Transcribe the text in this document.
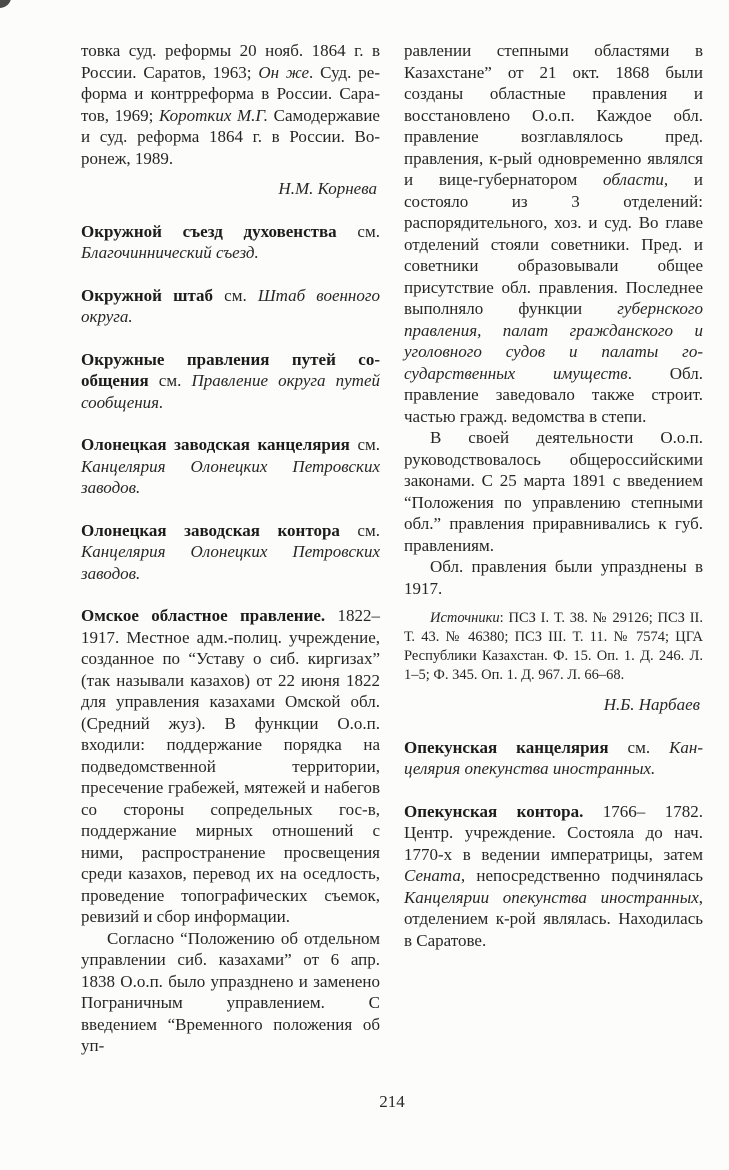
товка суд. реформы 20 нояб. 1864 г. в России. Саратов, 1963; Он же. Суд. реформа и контрреформа в России. Саратов, 1969; Коротких М.Г. Самодержавие и суд. реформа 1864 г. в России. Воронеж, 1989.

Н.М. Корнева

Окружной съезд духовенства см. Благочиннический съезд.

Окружной штаб см. Штаб военного округа.

Окружные правления путей сообщения см. Правление округа путей сообщения.

Олонецкая заводская канцелярия см. Канцелярия Олонецких Петровских заводов.

Олонецкая заводская контора см. Канцелярия Олонецких Петровских заводов.

Омское областное правление. 1822–1917. Местное адм.-полиц. учреждение, созданное по “Уставу о сиб. киргизах” (так называли казахов) от 22 июня 1822 для управления казахами Омской обл. (Средний жуз). В функции О.о.п. входили: поддержание порядка на подведомственной территории, пресечение грабежей, мятежей и набегов со стороны сопредельных гос-в, поддержание мирных отношений с ними, распространение просвещения среди казахов, перевод их на оседлость, проведение топографических съемок, ревизий и сбор информации.

Согласно “Положению об отдельном управлении сиб. казахами” от 6 апр. 1838 О.о.п. было упразднено и заменено Пограничным управлением. С введением “Временного положения об уп-

равлении степными областями в Казахстане” от 21 окт. 1868 были созданы областные правления и восстановлено О.о.п. Каждое обл. правление возглавлялось пред. правления, к-рый одновременно являлся и вице-губернатором области, и состояло из 3 отделений: распорядительного, хоз. и суд. Во главе отделений стояли советники. Пред. и советники образовывали общее присутствие обл. правления. Последнее выполняло функции губернского правления, палат гражданского и уголовного судов и палаты государственных имуществ. Обл. правление заведовало также строит. частью гражд. ведомства в степи.

В своей деятельности О.о.п. руководствовалось общероссийскими законами. С 25 марта 1891 с введением “Положения по управлению степными обл.” правления приравнивались к губ. правлениям.

Обл. правления были упразднены в 1917.

Источники: ПСЗ I. Т. 38. № 29126; ПСЗ II. Т. 43. № 46380; ПСЗ III. Т. 11. № 7574; ЦГА Республики Казахстан. Ф. 15. Оп. 1. Д. 246. Л. 1–5; Ф. 345. Оп. 1. Д. 967. Л. 66–68.

Н.Б. Нарбаев

Опекунская канцелярия см. Канцелярия опекунства иностранных.

Опекунская контора. 1766– 1782. Центр. учреждение. Состояла до нач. 1770-х в ведении императрицы, затем Сената, непосредственно подчинялась Канцелярии опекунства иностранных, отделением к-рой являлась. Находилась в Саратове.

214
